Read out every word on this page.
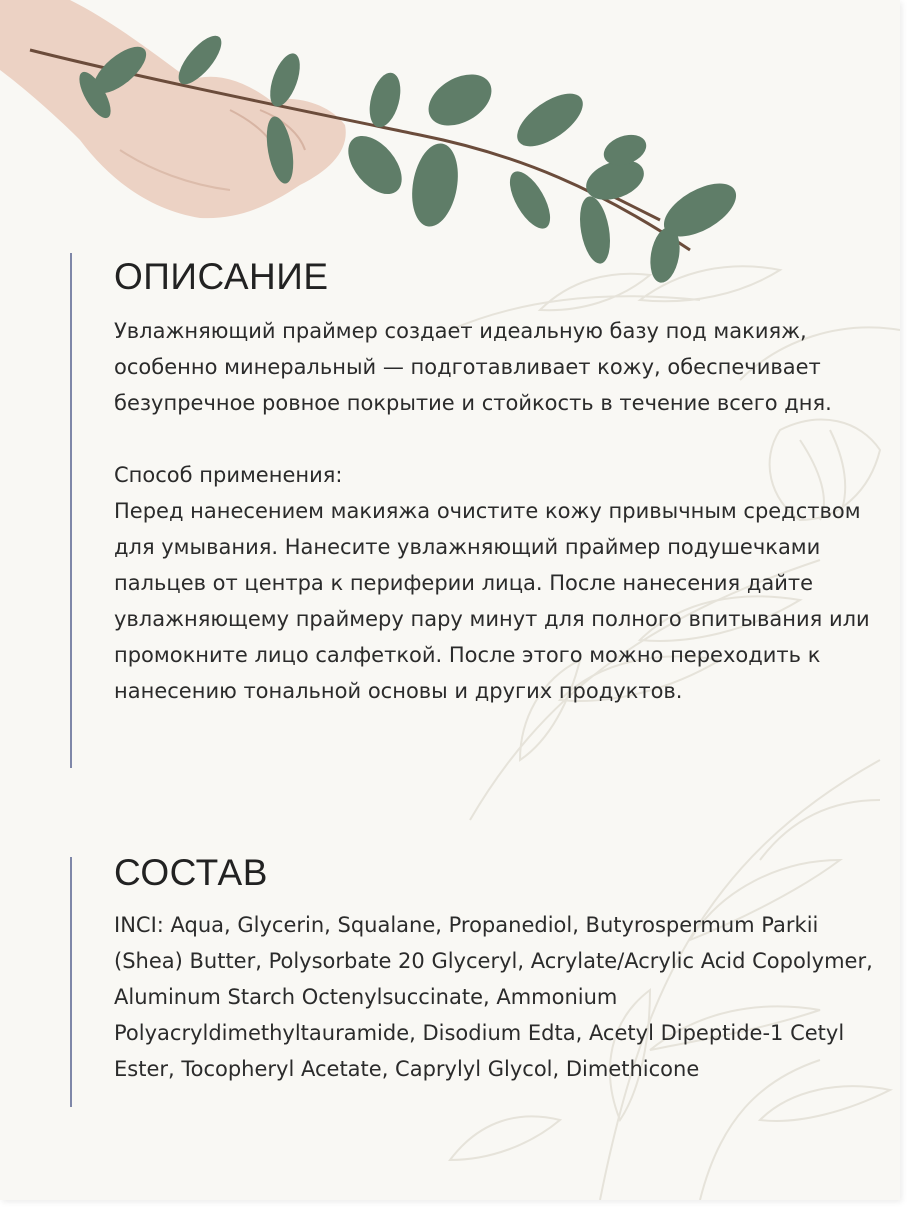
ОПИСАНИЕ

Увлажняющий праймер создает идеальную базу под макияж, особенно минеральный — подготавливает кожу, обеспечивает безупречное ровное покрытие и стойкость в течение всего дня.

Способ применения:

Перед нанесением макияжа очистите кожу привычным средством для умывания. Нанесите увлажняющий праймер подушечками пальцев от центра к периферии лица. После нанесения дайте увлажняющему праймеру пару минут для полного впитывания или промокните лицо салфеткой. После этого можно переходить к нанесению тональной основы и других продуктов.

СОСТАВ

INCI: Aqua, Glycerin, Squalane, Propanediol, Butyrospermum Parkii (Shea) Butter, Polysorbate 20 Glyceryl, Acrylate/Acrylic Acid Copolymer, Aluminum Starch Octenylsuccinate, Ammonium Polyacryldimethyltauramide, Disodium Edta, Acetyl Dipeptide-1 Cetyl Ester, Tocopheryl Acetate, Caprylyl Glycol, Dimethicone
